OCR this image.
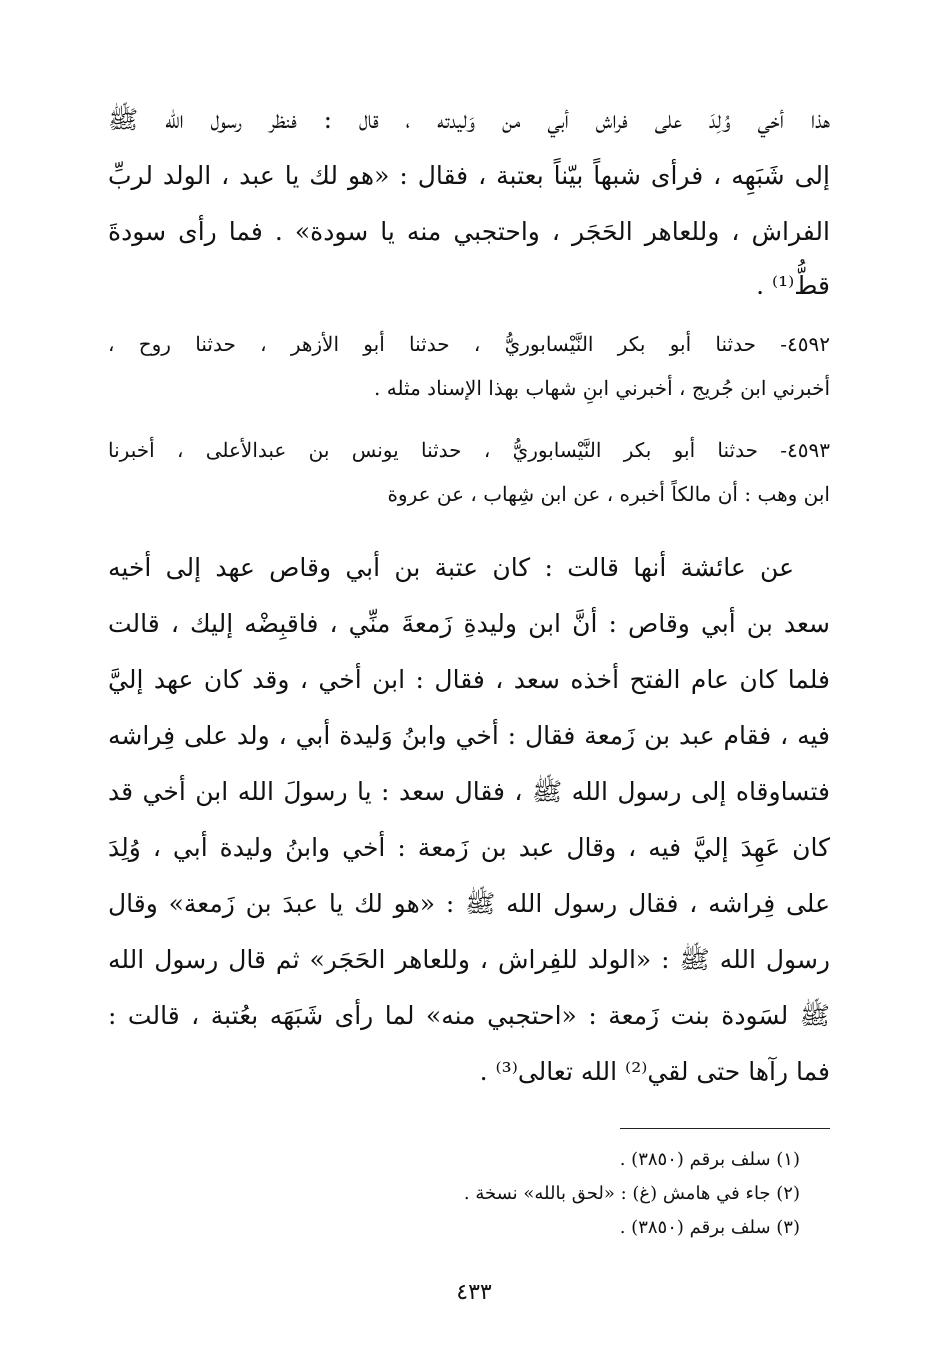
هذا أخي وُلِدَ على فراش أبي من وَليدته ، قال : فنظر رسول الله ﷺ
إلى شَبَهِه ، فرأى شبهاً بيّناً بعتبة ، فقال : «هو لك يا عبد ، الولد لربِّ
الفراش ، وللعاهر الحَجَر ، واحتجبي منه يا سودة» . فما رأى سودةَ
قطُّ⁽¹⁾ .
٤٥٩٢- حدثنا أبو بكر النَّيْسابوريُّ ، حدثنا أبو الأزهر ، حدثنا روح ،
أخبرني ابن جُريج ، أخبرني ابنِ شهاب بهذا الإسناد مثله .
٤٥٩٣- حدثنا أبو بكر النَّيْسابوريُّ ، حدثنا يونس بن عبدالأعلى ، أخبرنا
ابن وهب : أن مالكاً أخبره ، عن ابن شِهاب ، عن عروة
عن عائشة أنها قالت : كان عتبة بن أبي وقاص عهد إلى أخيه
سعد بن أبي وقاص : أنَّ ابن وليدةِ زَمعةَ منِّي ، فاقبِضْه إليك ، قالت
فلما كان عام الفتح أخذه سعد ، فقال : ابن أخي ، وقد كان عهد إليَّ
فيه ، فقام عبد بن زَمعة فقال : أخي وابنُ وَليدة أبي ، ولد على فِراشه
فتساوقاه إلى رسول الله ﷺ ، فقال سعد : يا رسولَ الله ابن أخي قد
كان عَهِدَ إليَّ فيه ، وقال عبد بن زَمعة : أخي وابنُ وليدة أبي ، وُلِدَ
على فِراشه ، فقال رسول الله ﷺ : «هو لك يا عبدَ بن زَمعة» وقال
رسول الله ﷺ : «الولد للفِراش ، وللعاهر الحَجَر» ثم قال رسول الله
ﷺ لسَودة بنت زَمعة : «احتجبي منه» لما رأى شَبَهَه بعُتبة ، قالت :
فما رآها حتى لقي⁽²⁾ الله تعالى⁽³⁾ .
(١) سلف برقم (٣٨٥٠) .
(٢) جاء في هامش (غ) : «لحق بالله» نسخة .
(٣) سلف برقم (٣٨٥٠) .
٤٣٣
